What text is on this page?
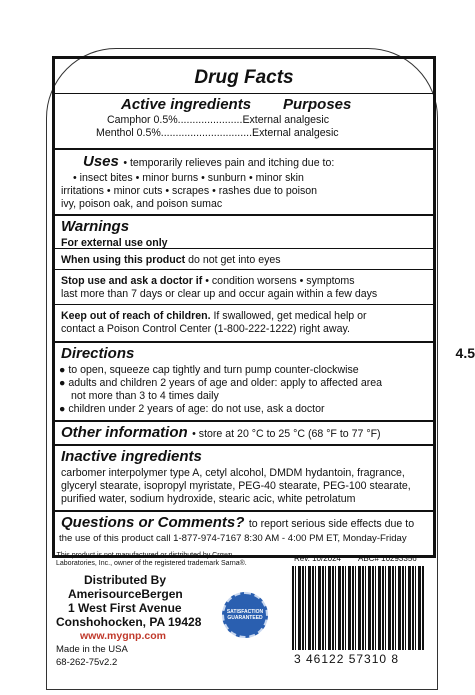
Drug Facts
Active ingredients Purposes
Camphor 0.5%......................External analgesic
Menthol 0.5%...............................External analgesic
Uses • temporarily relieves pain and itching due to:
• insect bites • minor burns • sunburn • minor skin
irritations • minor cuts • scrapes • rashes due to poison
ivy, poison oak, and poison sumac
Warnings
For external use only
When using this product do not get into eyes
Stop use and ask a doctor if • condition worsens • symptoms
last more than 7 days or clear up and occur again within a few days
Keep out of reach of children. If swallowed, get medical help or
contact a Poison Control Center (1-800-222-1222) right away.
Directions
● to open, squeeze cap tightly and turn pump counter-clockwise
● adults and children 2 years of age and older: apply to affected area
not more than 3 to 4 times daily
● children under 2 years of age: do not use, ask a doctor
Other information • store at 20 °C to 25 °C (68 °F to 77 °F)
Inactive ingredients
carbomer interpolymer type A, cetyl alcohol, DMDM hydantoin, fragrance,
glyceryl stearate, isopropyl myristate, PEG-40 stearate, PEG-100 stearate,
purified water, sodium hydroxide, stearic acic, white petrolatum
Questions or Comments? to report serious side effects due to
the use of this product call 1-877-974-7167 8:30 AM - 4:00 PM ET, Monday-Friday
4.5
* This product is not manufactured or distributed by Crown
Laboratories, Inc., owner of the registered trademark Sarna®.
Distributed By
AmerisourceBergen
1 West First Avenue
Conshohocken, PA 19428
www.mygnp.com
Made in the USA
68-262-75v2.2
SATISFACTION GUARANTEED
Rev. 10/2024 ABC# 10293356
3 46122 57310 8
